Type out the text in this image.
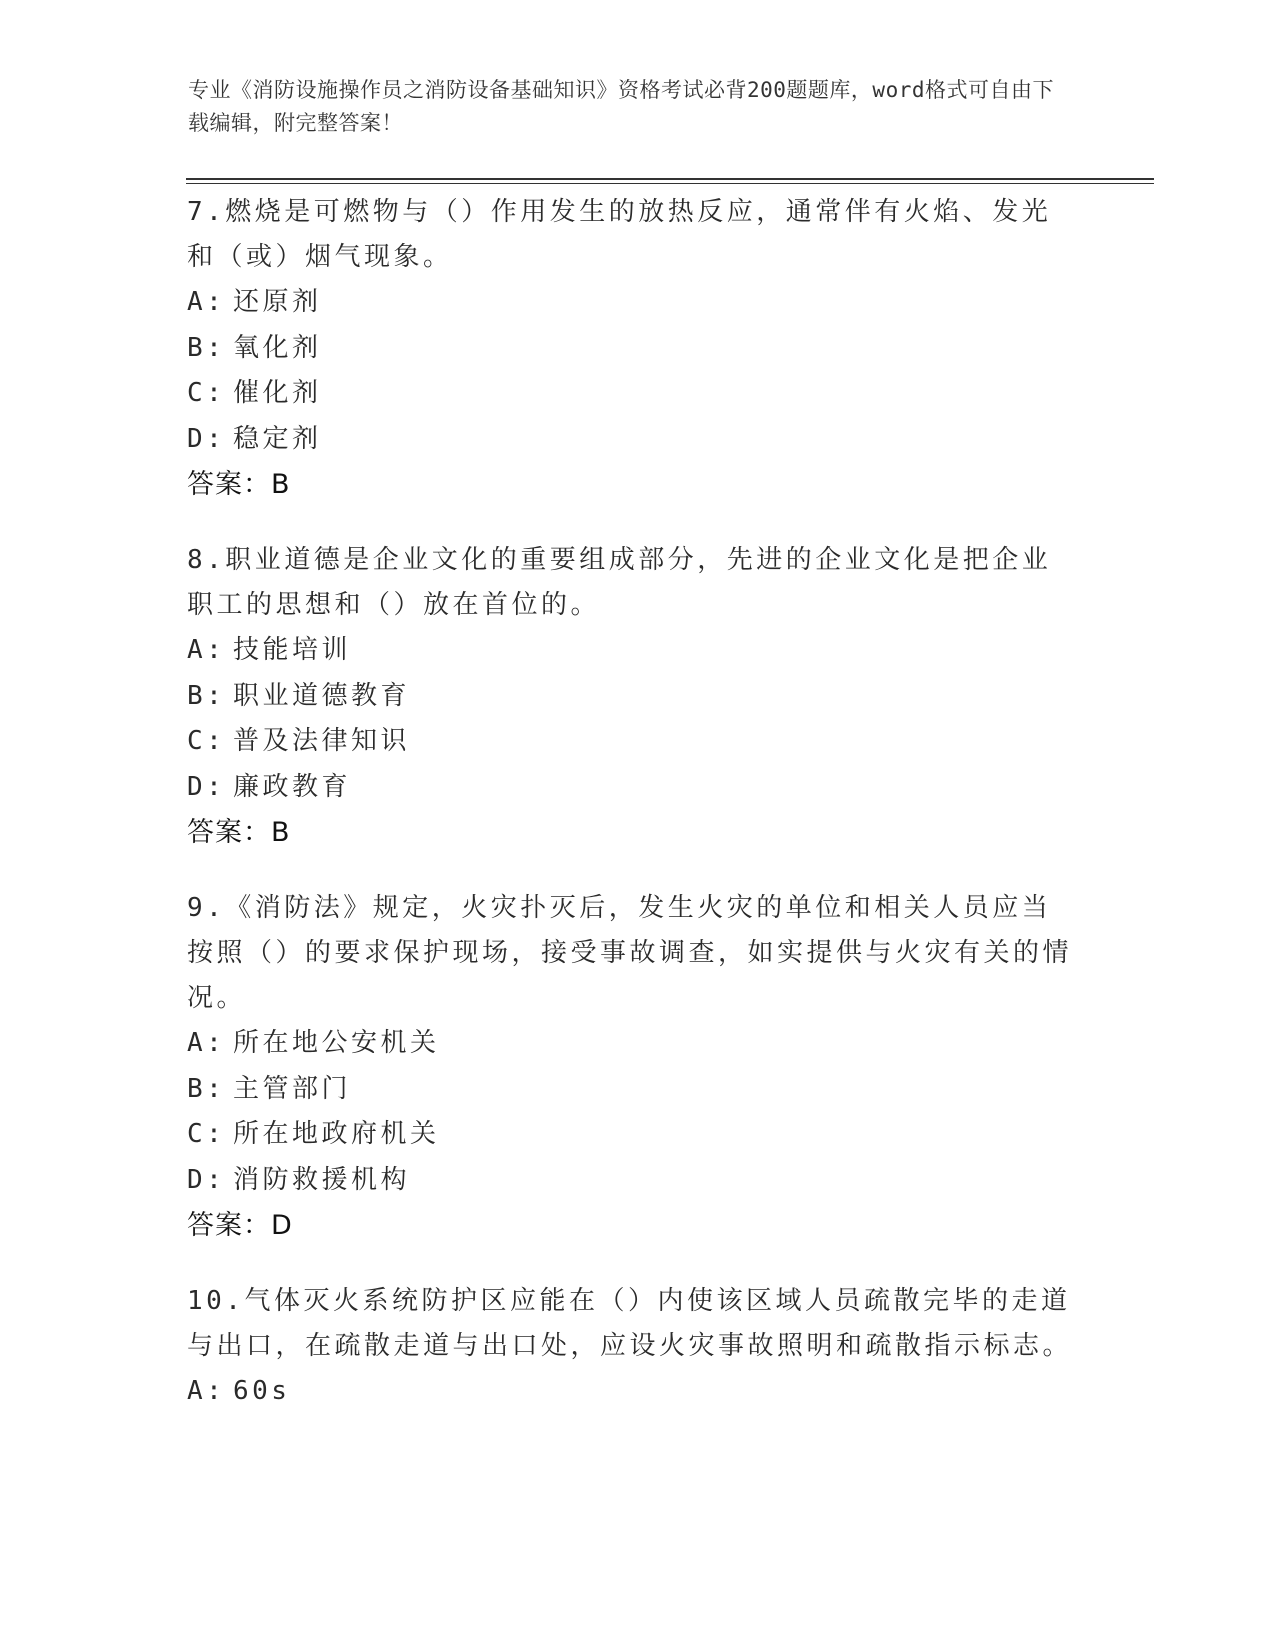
专业《消防设施操作员之消防设备基础知识》资格考试必背200题题库，word格式可自由下载编辑，附完整答案！

7.燃烧是可燃物与（）作用发生的放热反应，通常伴有火焰、发光和（或）烟气现象。

A: 还原剂

B: 氧化剂

C: 催化剂

D: 稳定剂

答案：B

8.职业道德是企业文化的重要组成部分，先进的企业文化是把企业职工的思想和（）放在首位的。

A: 技能培训

B: 职业道德教育

C: 普及法律知识

D: 廉政教育

答案：B

9.《消防法》规定，火灾扑灭后，发生火灾的单位和相关人员应当按照（）的要求保护现场，接受事故调查，如实提供与火灾有关的情况。

A: 所在地公安机关

B: 主管部门

C: 所在地政府机关

D: 消防救援机构

答案：D

10.气体灭火系统防护区应能在（）内使该区域人员疏散完毕的走道与出口，在疏散走道与出口处，应设火灾事故照明和疏散指示标志。

A: 60s
